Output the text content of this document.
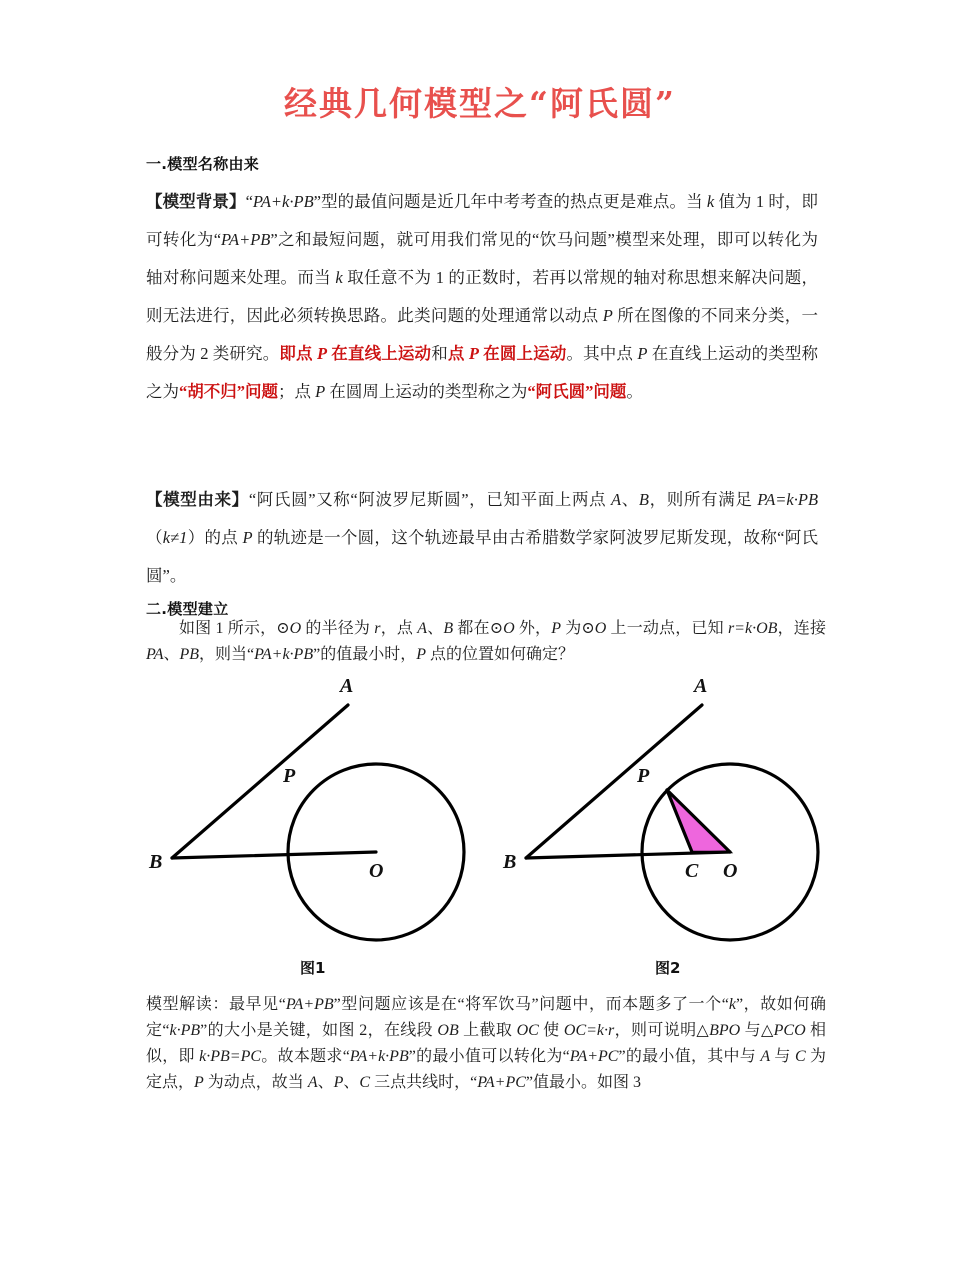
经典几何模型之“阿氏圆”
一.模型名称由来
【模型背景】“PA+k·PB”型的最值问题是近几年中考考查的热点更是难点。当 k 值为 1 时，即可转化为“PA+PB”之和最短问题，就可用我们常见的“饮马问题”模型来处理，即可以转化为轴对称问题来处理。而当 k 取任意不为 1 的正数时，若再以常规的轴对称思想来解决问题，则无法进行，因此必须转换思路。此类问题的处理通常以动点 P 所在图像的不同来分类，一般分为 2 类研究。即点 P 在直线上运动和点 P 在圆上运动。其中点 P 在直线上运动的类型称之为“胡不归”问题；点 P 在圆周上运动的类型称之为“阿氏圆”问题。
【模型由来】“阿氏圆”又称“阿波罗尼斯圆”，已知平面上两点 A、B，则所有满足 PA=k·PB（k≠1）的点 P 的轨迹是一个圆，这个轨迹最早由古希腊数学家阿波罗尼斯发现，故称“阿氏圆”。
二.模型建立
如图 1 所示，⊙O 的半径为 r，点 A、B 都在⊙O 外，P 为⊙O 上一动点，已知 r=k·OB，连接 PA、PB，则当“PA+k·PB”的值最小时，P 点的位置如何确定？
A
P
B	O
A
P
B	C O
图1	图2
模型解读：最早见“PA+PB”型问题应该是在“将军饮马”问题中，而本题多了一个“k”，故如何确定“k·PB”的大小是关键，如图 2，在线段 OB 上截取 OC 使 OC=k·r，则可说明△BPO 与△PCO 相似，即 k·PB=PC。故本题求“PA+k·PB”的最小值可以转化为“PA+PC”的最小值，其中与 A 与 C 为定点，P 为动点，故当 A、P、C 三点共线时，“PA+PC”值最小。如图 3
